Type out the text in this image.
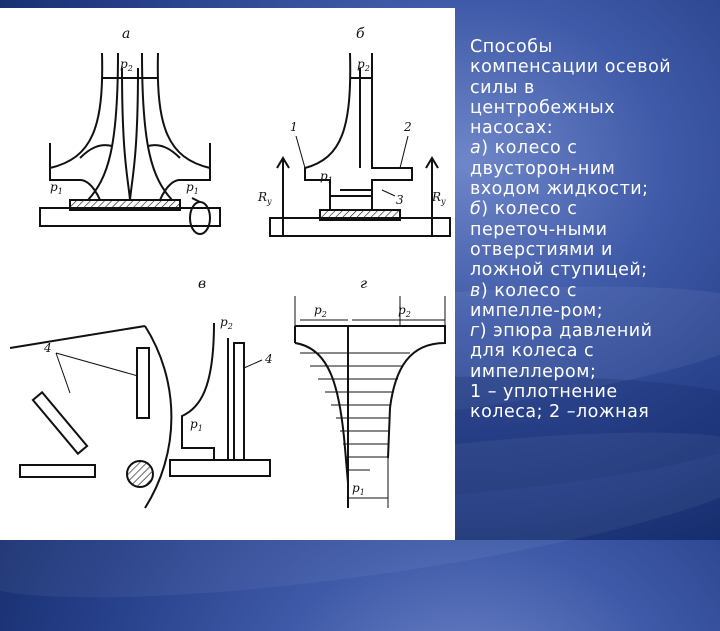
а	б
в	г
$p_2$	$p_2$
$p_2$
$p_2$	$p_2$
$p_1$	$p_1$
$p_1$
$p_1$
$p_1$
$R_у$	$R_у$
1	2
3
4
4
Способы
компенсации осевой
силы в
центробежных
насосах:
а) колесо с
двусторон-ним
входом жидкости;
б) колесо с
переточ-ными
отверстиями и
ложной ступицей;
в) колесо с
импелле-ром;
г) эпюра давлений
для колеса с
импеллером;
1 – уплотнение
колеса; 2 –ложная
